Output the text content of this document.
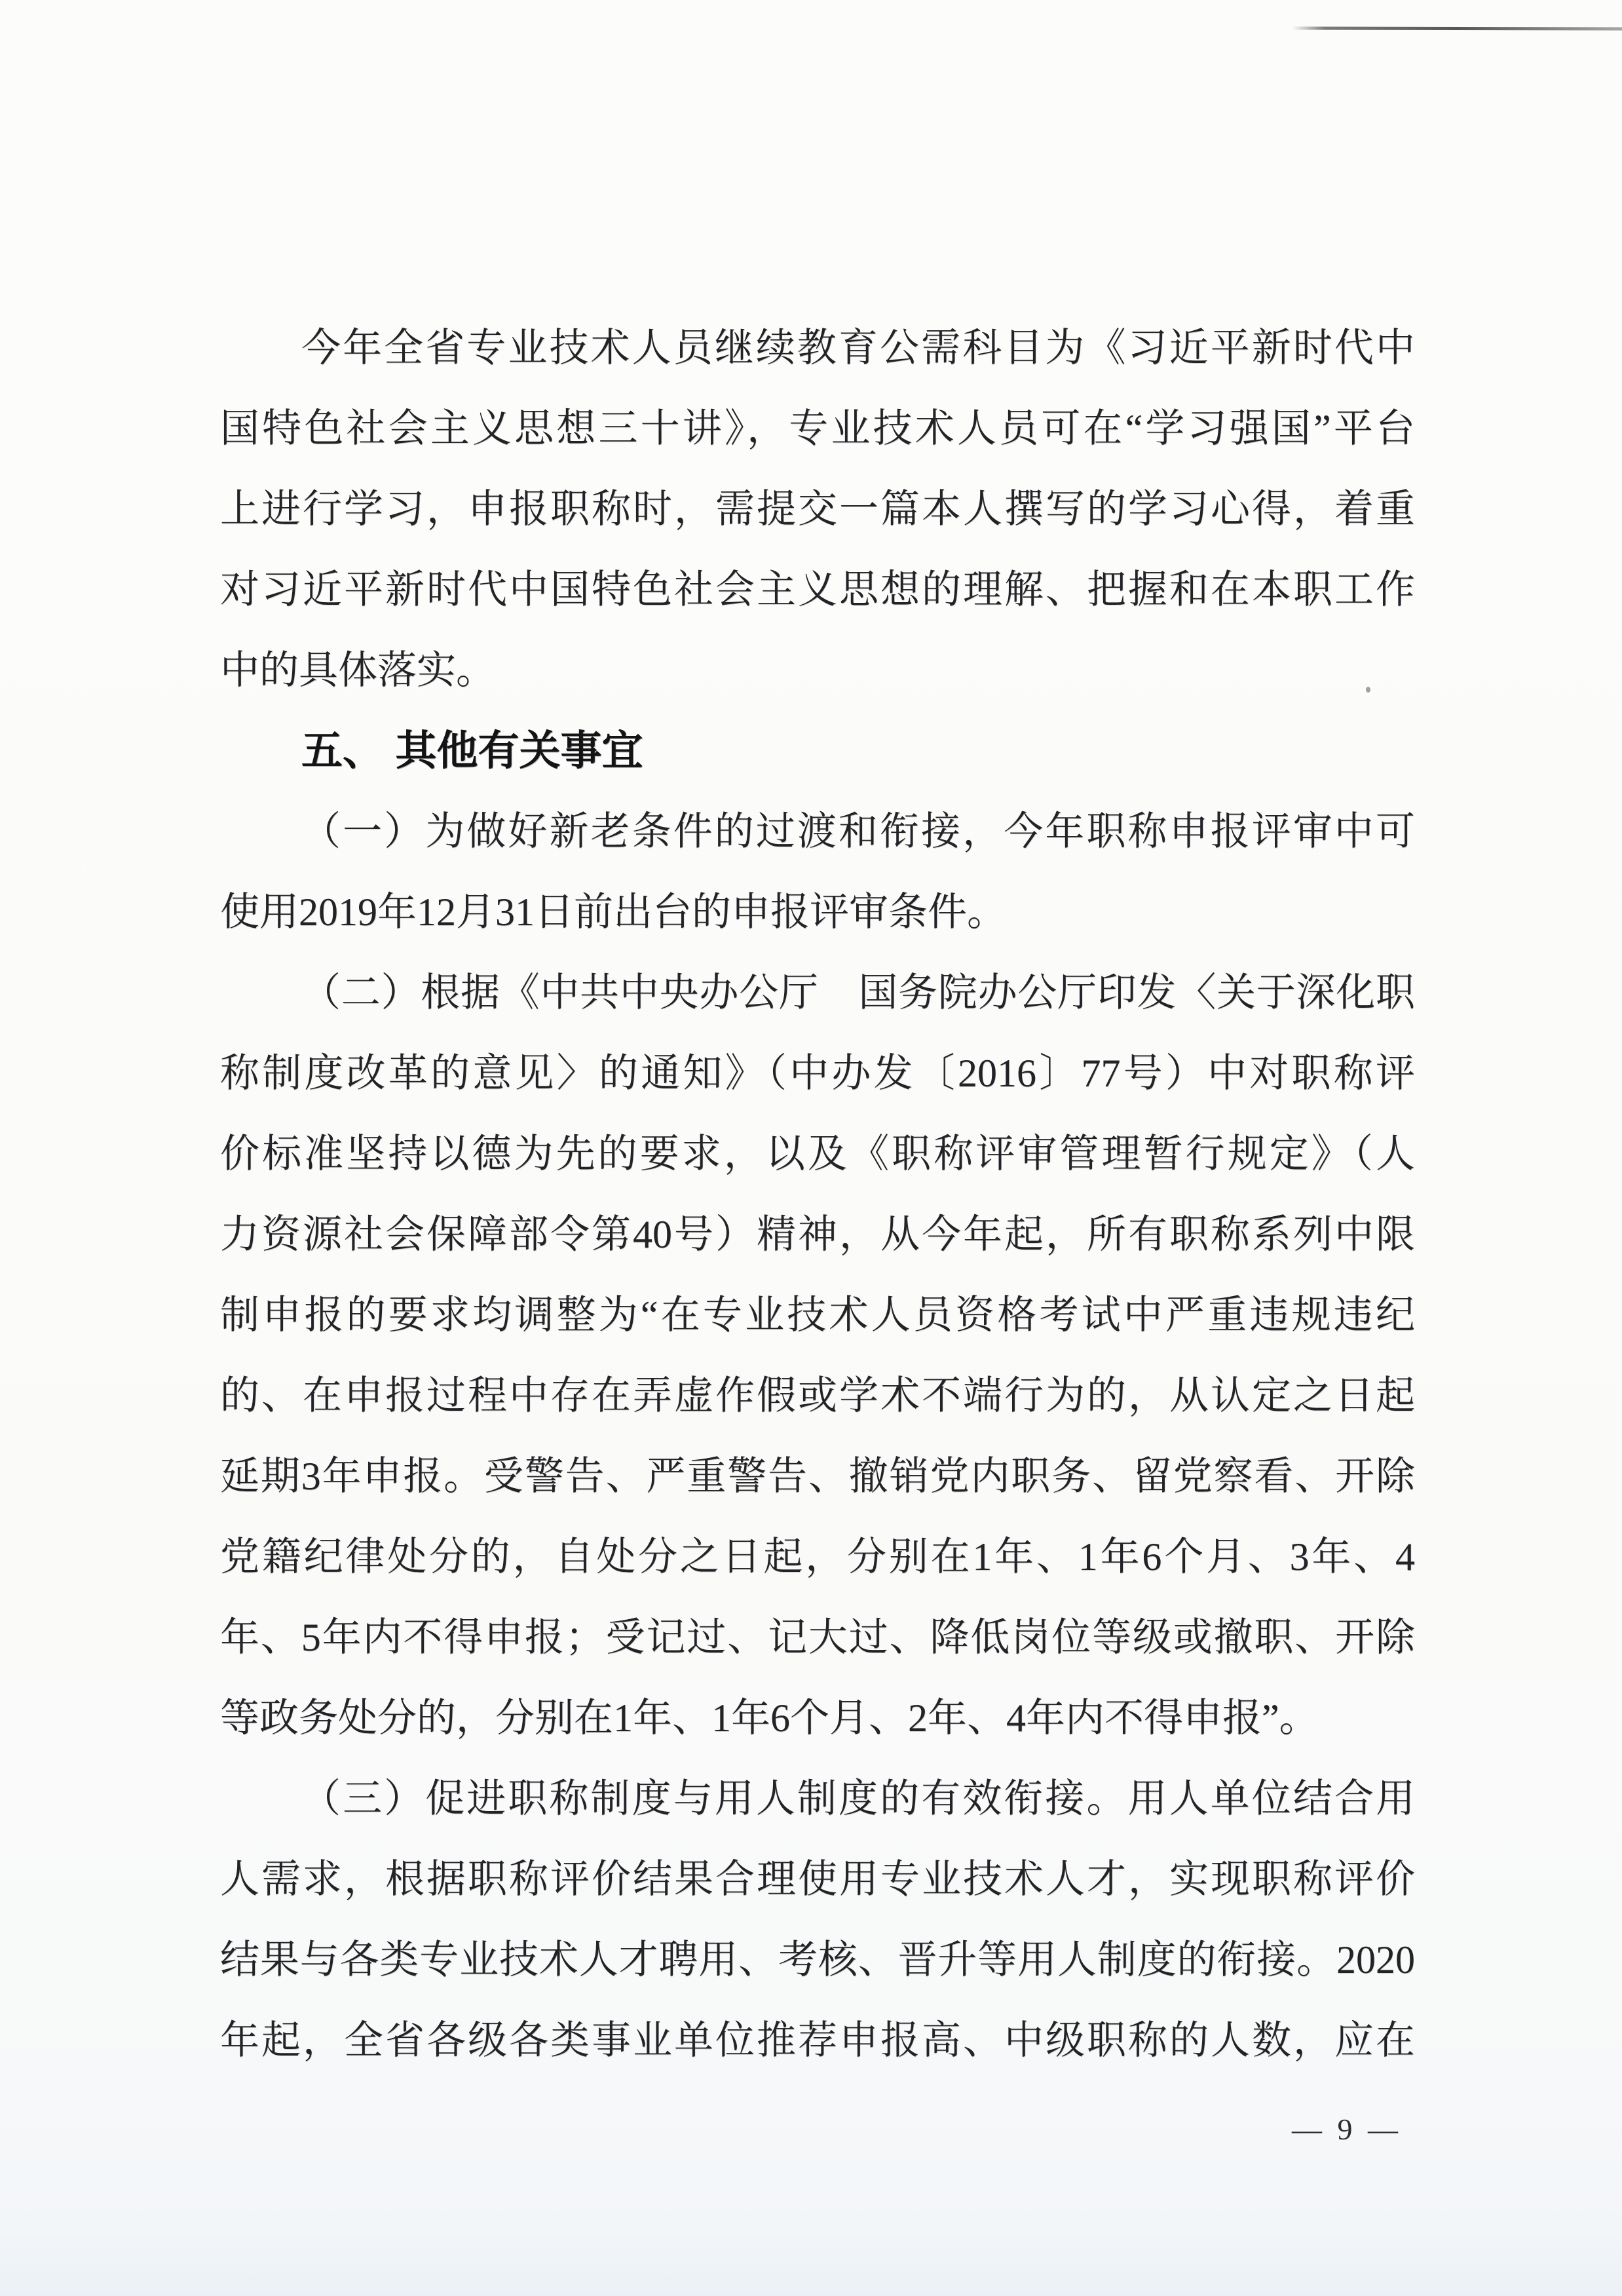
今年全省专业技术人员继续教育公需科目为《习近平新时代中
国特色社会主义思想三十讲》，专业技术人员可在“学习强国”平台
上进行学习，申报职称时，需提交一篇本人撰写的学习心得，着重
对习近平新时代中国特色社会主义思想的理解、把握和在本职工作
中的具体落实。
五、 其他有关事宜
（一）为做好新老条件的过渡和衔接，今年职称申报评审中可
使用2019年12月31日前出台的申报评审条件。
（二）根据《中共中央办公厅　国务院办公厅印发〈关于深化职
称制度改革的意见〉的通知》（中办发〔2016〕77号）中对职称评
价标准坚持以德为先的要求，以及《职称评审管理暂行规定》（人
力资源社会保障部令第40号）精神，从今年起，所有职称系列中限
制申报的要求均调整为“在专业技术人员资格考试中严重违规违纪
的、在申报过程中存在弄虚作假或学术不端行为的，从认定之日起
延期3年申报。受警告、严重警告、撤销党内职务、留党察看、开除
党籍纪律处分的，自处分之日起，分别在1年、1年6个月、3年、4
年、5年内不得申报；受记过、记大过、降低岗位等级或撤职、开除
等政务处分的，分别在1年、1年6个月、2年、4年内不得申报”。
（三）促进职称制度与用人制度的有效衔接。用人单位结合用
人需求，根据职称评价结果合理使用专业技术人才，实现职称评价
结果与各类专业技术人才聘用、考核、晋升等用人制度的衔接。2020
年起，全省各级各类事业单位推荐申报高、中级职称的人数，应在
— 9 —
